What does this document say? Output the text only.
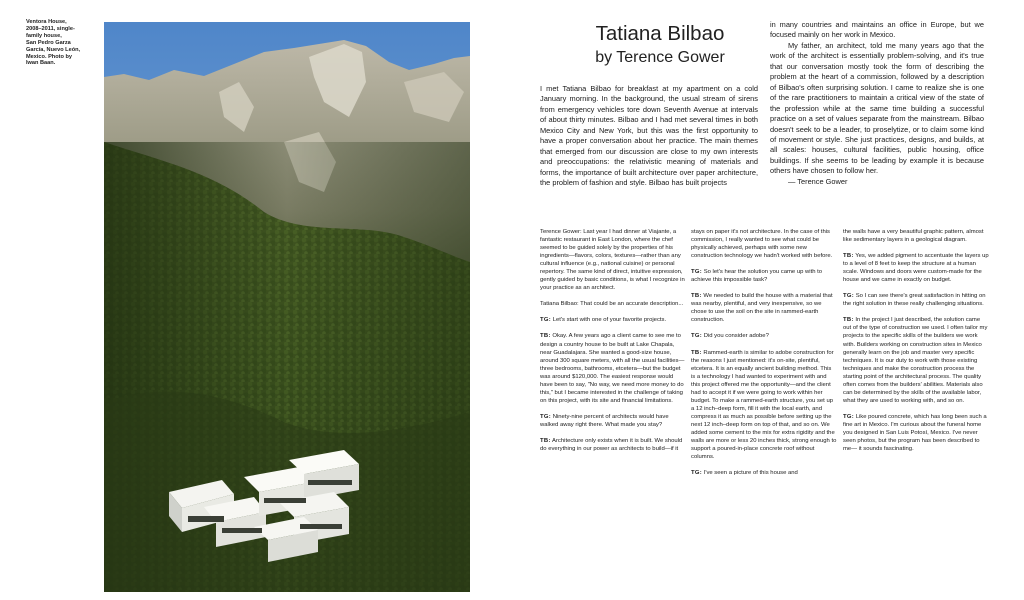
Ventora House,
2008–2011, single-
family house,
San Pedro Garza
García, Nuevo León,
Mexico. Photo by
Iwan Baan.
Tatiana Bilbao
by Terence Gower

I met Tatiana Bilbao for breakfast at my apartment on a cold January morning. In the background, the usual stream of sirens from emergency vehicles tore down Seventh Avenue at intervals of about thirty minutes. Bilbao and I had met several times in both Mexico City and New York, but this was the first opportunity to have a proper conversation about her practice. The main themes that emerged from our discussion are close to my own interests and preoccupations: the relativistic meaning of materials and forms, the importance of built architecture over paper architecture, the problem of fashion and style. Bilbao has built projects

in many countries and maintains an office in Europe, but we focused mainly on her work in Mexico.

My father, an architect, told me many years ago that the work of the architect is essentially problem-solving, and it's true that our conversation mostly took the form of describing the problem at the heart of a commission, followed by a description of Bilbao's often surprising solution. I came to realize she is one of the rare practitioners to maintain a critical view of the state of the profession while at the same time building a successful practice on a set of values separate from the mainstream. Bilbao doesn't seek to be a leader, to proselytize, or to claim some kind of movement or style. She just practices, designs, and builds, at all scales: houses, cultural facilities, public housing, office buildings. If she seems to be leading by example it is because others have chosen to follow her.

— Terence Gower

Terence Gower: Last year I had dinner at Viajante, a fantastic restaurant in East London, where the chef seemed to be guided solely by the properties of his ingredients—flavors, colors, textures—rather than any cultural influence (e.g., national cuisine) or personal repertory. The same kind of direct, intuitive expression, gently guided by basic conditions, is what I recognize in your practice as an architect.

Tatiana Bilbao: That could be an accurate description...

TG: Let's start with one of your favorite projects.

TB: Okay. A few years ago a client came to see me to design a country house to be built at Lake Chapala, near Guadalajara. She wanted a good-size house, around 300 square meters, with all the usual facilities—three bedrooms, bathrooms, etcetera—but the budget was around $120,000. The easiest response would have been to say, "No way, we need more money to do this," but I became interested in the challenge of taking on this project, with its site and financial limitations.

TG: Ninety-nine percent of architects would have walked away right there. What made you stay?

TB: Architecture only exists when it is built. We should do everything in our power as architects to build—if it

stays on paper it's not architecture. In the case of this commission, I really wanted to see what could be physically achieved, perhaps with some new construction technology we hadn't worked with before.

TG: So let's hear the solution you came up with to achieve this impossible task?

TB: We needed to build the house with a material that was nearby, plentiful, and very inexpensive, so we chose to use the soil on the site in rammed-earth construction.

TG: Did you consider adobe?

TB: Rammed-earth is similar to adobe construction for the reasons I just mentioned: it's on-site, plentiful, etcetera. It is an equally ancient building method. This is a technology I had wanted to experiment with and this project offered me the opportunity—and the client had to accept it if we were going to work within her budget. To make a rammed-earth structure, you set up a 12 inch–deep form, fill it with the local earth, and compress it as much as possible before setting up the next 12 inch–deep form on top of that, and so on. We added some cement to the mix for extra rigidity and the walls are more or less 20 inches thick, strong enough to support a poured-in-place concrete roof without columns.

TG: I've seen a picture of this house and

the walls have a very beautiful graphic pattern, almost like sedimentary layers in a geological diagram.

TB: Yes, we added pigment to accentuate the layers up to a level of 8 feet to keep the structure at a human scale. Windows and doors were custom-made for the house and we came in exactly on budget.

TG: So I can see there's great satisfaction in hitting on the right solution in these really challenging situations.

TB: In the project I just described, the solution came out of the type of construction we used. I often tailor my projects to the specific skills of the builders we work with. Builders working on construction sites in Mexico generally learn on the job and master very specific techniques. It is our duty to work with those existing techniques and make the construction process the starting point of the architectural process. The quality often comes from the builders' abilities. Materials also can be determined by the skills of the available labor, what they are used to working with, and so on.

TG: Like poured concrete, which has long been such a fine art in Mexico. I'm curious about the funeral home you designed in San Luis Potosí, Mexico. I've never seen photos, but the program has been described to me— it sounds fascinating.
